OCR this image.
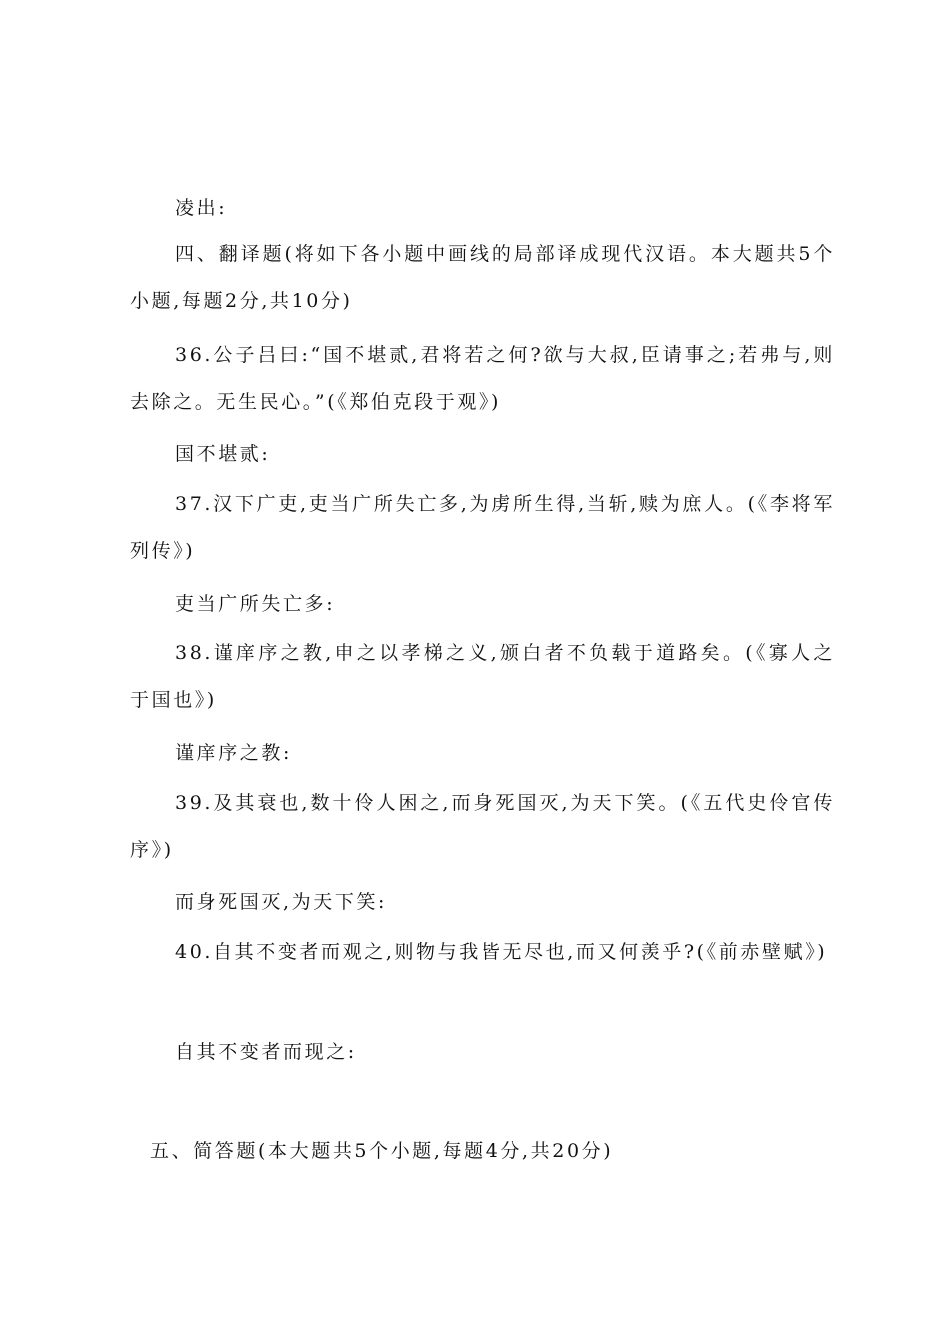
凌出:
四、翻译题(将如下各小题中画线的局部译成现代汉语。本大题共5个小题,每题2分,共10分)
36.公子吕曰:“国不堪贰,君将若之何?欲与大叔,臣请事之;若弗与,则去除之。无生民心。”(《郑伯克段于观》)
国不堪贰:
37.汉下广吏,吏当广所失亡多,为虏所生得,当斩,赎为庶人。(《李将军列传》)
吏当广所失亡多:
38.谨庠序之教,申之以孝梯之义,颁白者不负载于道路矣。(《寡人之于国也》)
谨庠序之教:
39.及其衰也,数十伶人困之,而身死国灭,为天下笑。(《五代史伶官传序》)
而身死国灭,为天下笑:
40.自其不变者而观之,则物与我皆无尽也,而又何羡乎?(《前赤壁赋》)
自其不变者而现之:
五、简答题(本大题共5个小题,每题4分,共20分)
